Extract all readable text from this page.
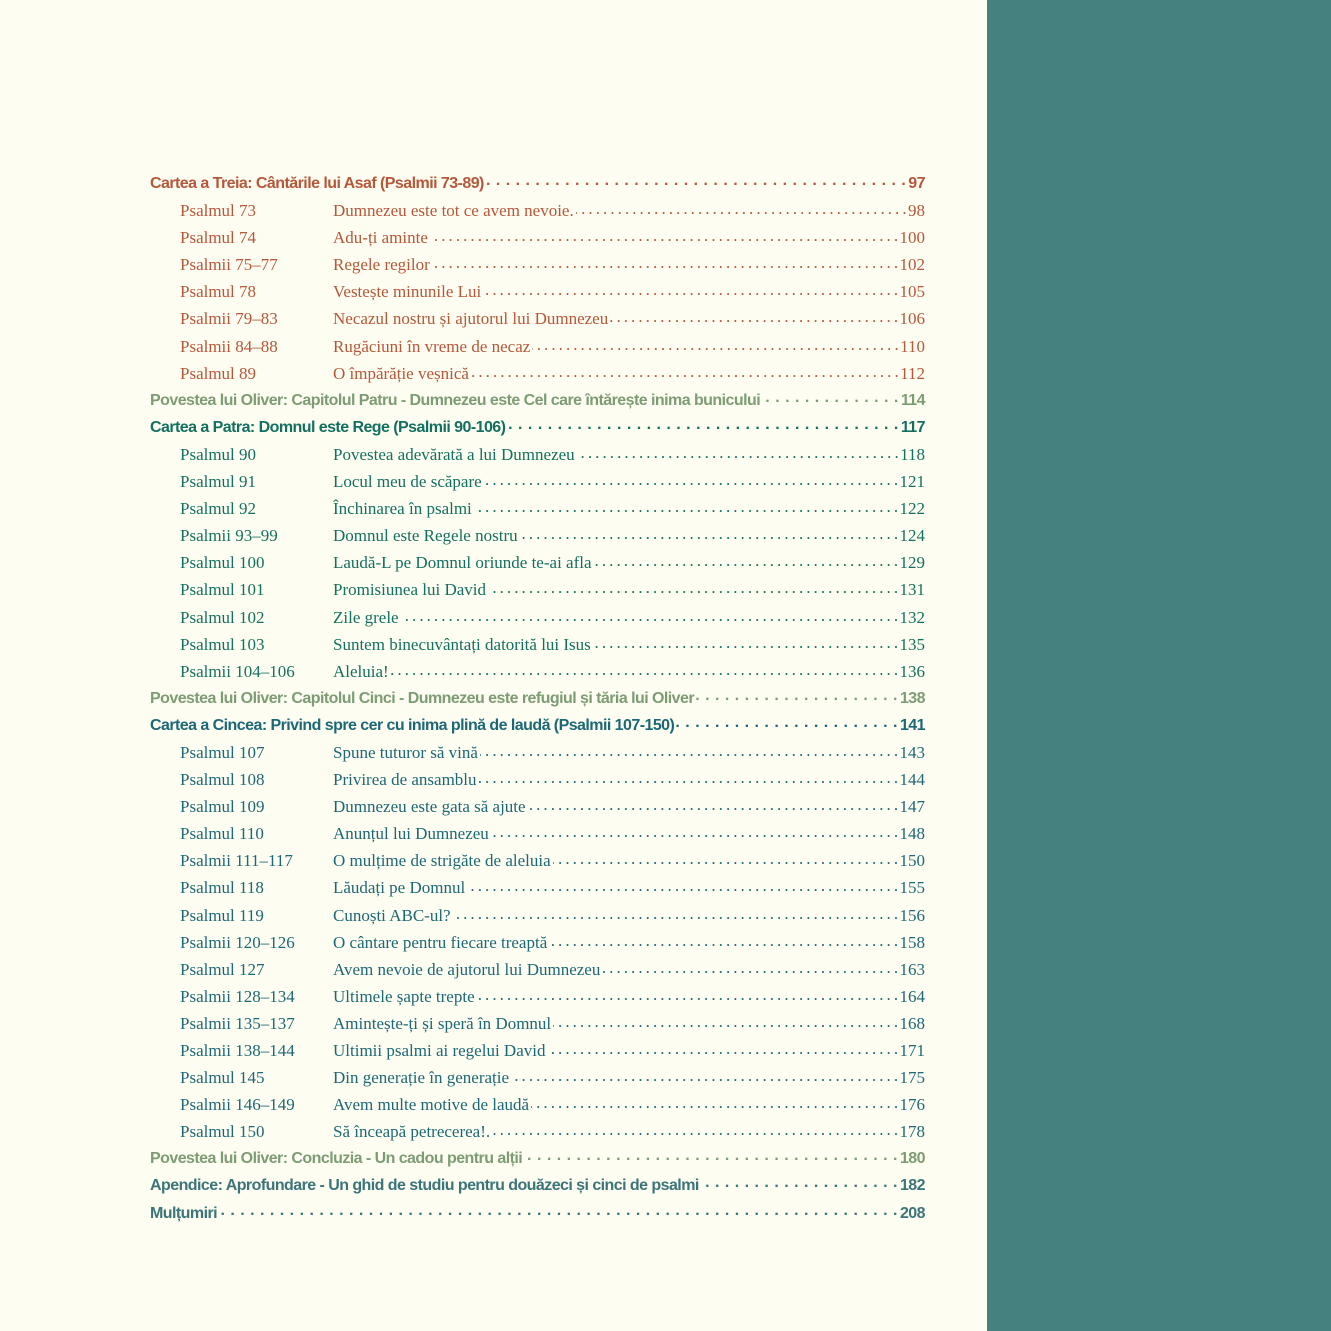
Cartea a Treia: Cântările lui Asaf (Psalmii 73-89) . . .	97
Psalmul 73	Dumnezeu este tot ce avem nevoie. . . .	98
Psalmul 74	Adu-ți aminte . . .	100
Psalmii 75–77	Regele regilor . . .	102
Psalmul 78	Vestește minunile Lui . . .	105
Psalmii 79–83	Necazul nostru și ajutorul lui Dumnezeu . . .	106
Psalmii 84–88	Rugăciuni în vreme de necaz . . .	110
Psalmul 89	O împărăție veșnică . . .	112
Povestea lui Oliver: Capitolul Patru - Dumnezeu este Cel care întărește inima bunicului . . .	114
Cartea a Patra: Domnul este Rege (Psalmii 90-106) . . .	117
Psalmul 90	Povestea adevărată a lui Dumnezeu . . .	118
Psalmul 91	Locul meu de scăpare . . .	121
Psalmul 92	Închinarea în psalmi . . .	122
Psalmii 93–99	Domnul este Regele nostru . . .	124
Psalmul 100	Laudă-L pe Domnul oriunde te-ai afla . . .	129
Psalmul 101	Promisiunea lui David . . .	131
Psalmul 102	Zile grele . . .	132
Psalmul 103	Suntem binecuvântați datorită lui Isus . . .	135
Psalmii 104–106	Aleluia! . . .	136
Povestea lui Oliver: Capitolul Cinci - Dumnezeu este refugiul și tăria lui Oliver . . .	138
Cartea a Cincea: Privind spre cer cu inima plină de laudă (Psalmii 107-150) . . .	141
Psalmul 107	Spune tuturor să vină . . .	143
Psalmul 108	Privirea de ansamblu . . .	144
Psalmul 109	Dumnezeu este gata să ajute . . .	147
Psalmul 110	Anunțul lui Dumnezeu . . .	148
Psalmii 111–117	O mulțime de strigăte de aleluia . . .	150
Psalmul 118	Lăudați pe Domnul . . .	155
Psalmul 119	Cunoști ABC-ul? . . .	156
Psalmii 120–126	O cântare pentru fiecare treaptă . . .	158
Psalmul 127	Avem nevoie de ajutorul lui Dumnezeu . . .	163
Psalmii 128–134	Ultimele șapte trepte . . .	164
Psalmii 135–137	Amintește-ți și speră în Domnul . . .	168
Psalmii 138–144	Ultimii psalmi ai regelui David . . .	171
Psalmul 145	Din generație în generație . . .	175
Psalmii 146–149	Avem multe motive de laudă . . .	176
Psalmul 150	Să înceapă petrecerea!. . . .	178
Povestea lui Oliver: Concluzia - Un cadou pentru alții . . .	180
Apendice: Aprofundare - Un ghid de studiu pentru douăzeci și cinci de psalmi . . .	182
Mulțumiri . . .	208
